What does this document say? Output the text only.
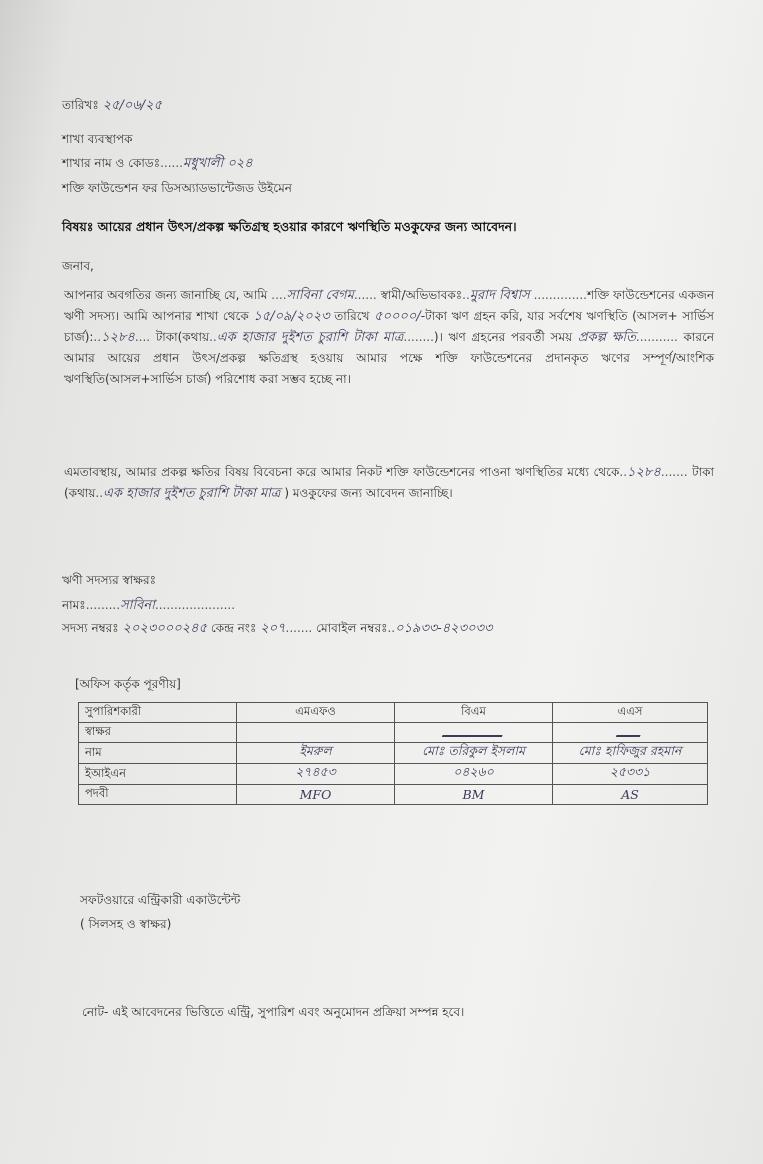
তারিখঃ ২৫/০৬/২৫
শাখা ব্যবস্থাপক
শাখার নাম ও কোডঃ......মধুখালী ০২৪
শক্তি ফাউন্ডেশন ফর ডিসঅ্যাডভান্টেজড উইমেন
বিষয়ঃ আয়ের প্রধান উৎস/প্রকল্প ক্ষতিগ্রস্থ হওয়ার কারণে ঋণস্থিতি মওকুফের জন্য আবেদন।
জনাব,
আপনার অবগতির জন্য জানাচ্ছি যে, আমি ....সাবিনা বেগম...... স্বামী/অভিভাবকঃ..মুরাদ বিশ্বাস ..............শক্তি ফাউন্ডেশনের একজন ঋণী সদস্য। আমি আপনার শাখা থেকে ১৫/০৯/২০২৩ তারিখে ৫০০০০/-টাকা ঋণ গ্রহন করি, যার সর্বশেষ ঋণস্থিতি (আসল+ সার্ভিস চার্জ):..১২৮৪.... টাকা(কথায়..এক হাজার দুইশত চুরাশি টাকা মাত্র........)। ঋণ গ্রহনের পরবর্তী সময় প্রকল্প ক্ষতি........... কারনে আমার আয়ের প্রধান উৎস/প্রকল্প ক্ষতিগ্রস্থ হওয়ায় আমার পক্ষে শক্তি ফাউন্ডেশনের প্রদানকৃত ঋণের সম্পূর্ণ/আংশিক ঋণস্থিতি(আসল+সার্ভিস চার্জ) পরিশোধ করা সম্ভব হচ্ছে না।
এমতাবস্থায়, আমার প্রকল্প ক্ষতির বিষয় বিবেচনা করে আমার নিকট শক্তি ফাউন্ডেশনের পাওনা ঋণস্থিতির মধ্যে থেকে..১২৮৪....... টাকা (কথায়..এক হাজার দুইশত চুরাশি টাকা মাত্র ) মওকুফের জন্য আবেদন জানাচ্ছি।
ঋণী সদস্যর স্বাক্ষরঃ
নামঃ.........সাবিনা.....................
সদস্য নম্বরঃ ২০২৩০০০২৪৫ কেন্দ্র নংঃ ২০৭....... মোবাইল নম্বরঃ..০১৯৩৩-৪২৩০৩৩
[অফিস কর্তৃক পূরণীয়]
সুপারিশকারী	এমএফও	বিএম	এএস
স্বাক্ষর			
নাম	ইমরুল	মোঃ তরিকুল ইসলাম	মোঃ হাফিজুর রহমান
ইআইএন	২৭৪৫৩	০৪২৬০	২৫৩৩১
পদবী	MFO	BM	AS
সফটওয়ারে এন্ট্রিকারী একাউন্টেন্ট
( সিলসহ ও স্বাক্ষর)
নোট- এই আবেদনের ভিত্তিতে এন্ট্রি, সুপারিশ এবং অনুমোদন প্রক্রিয়া সম্পন্ন হবে।
